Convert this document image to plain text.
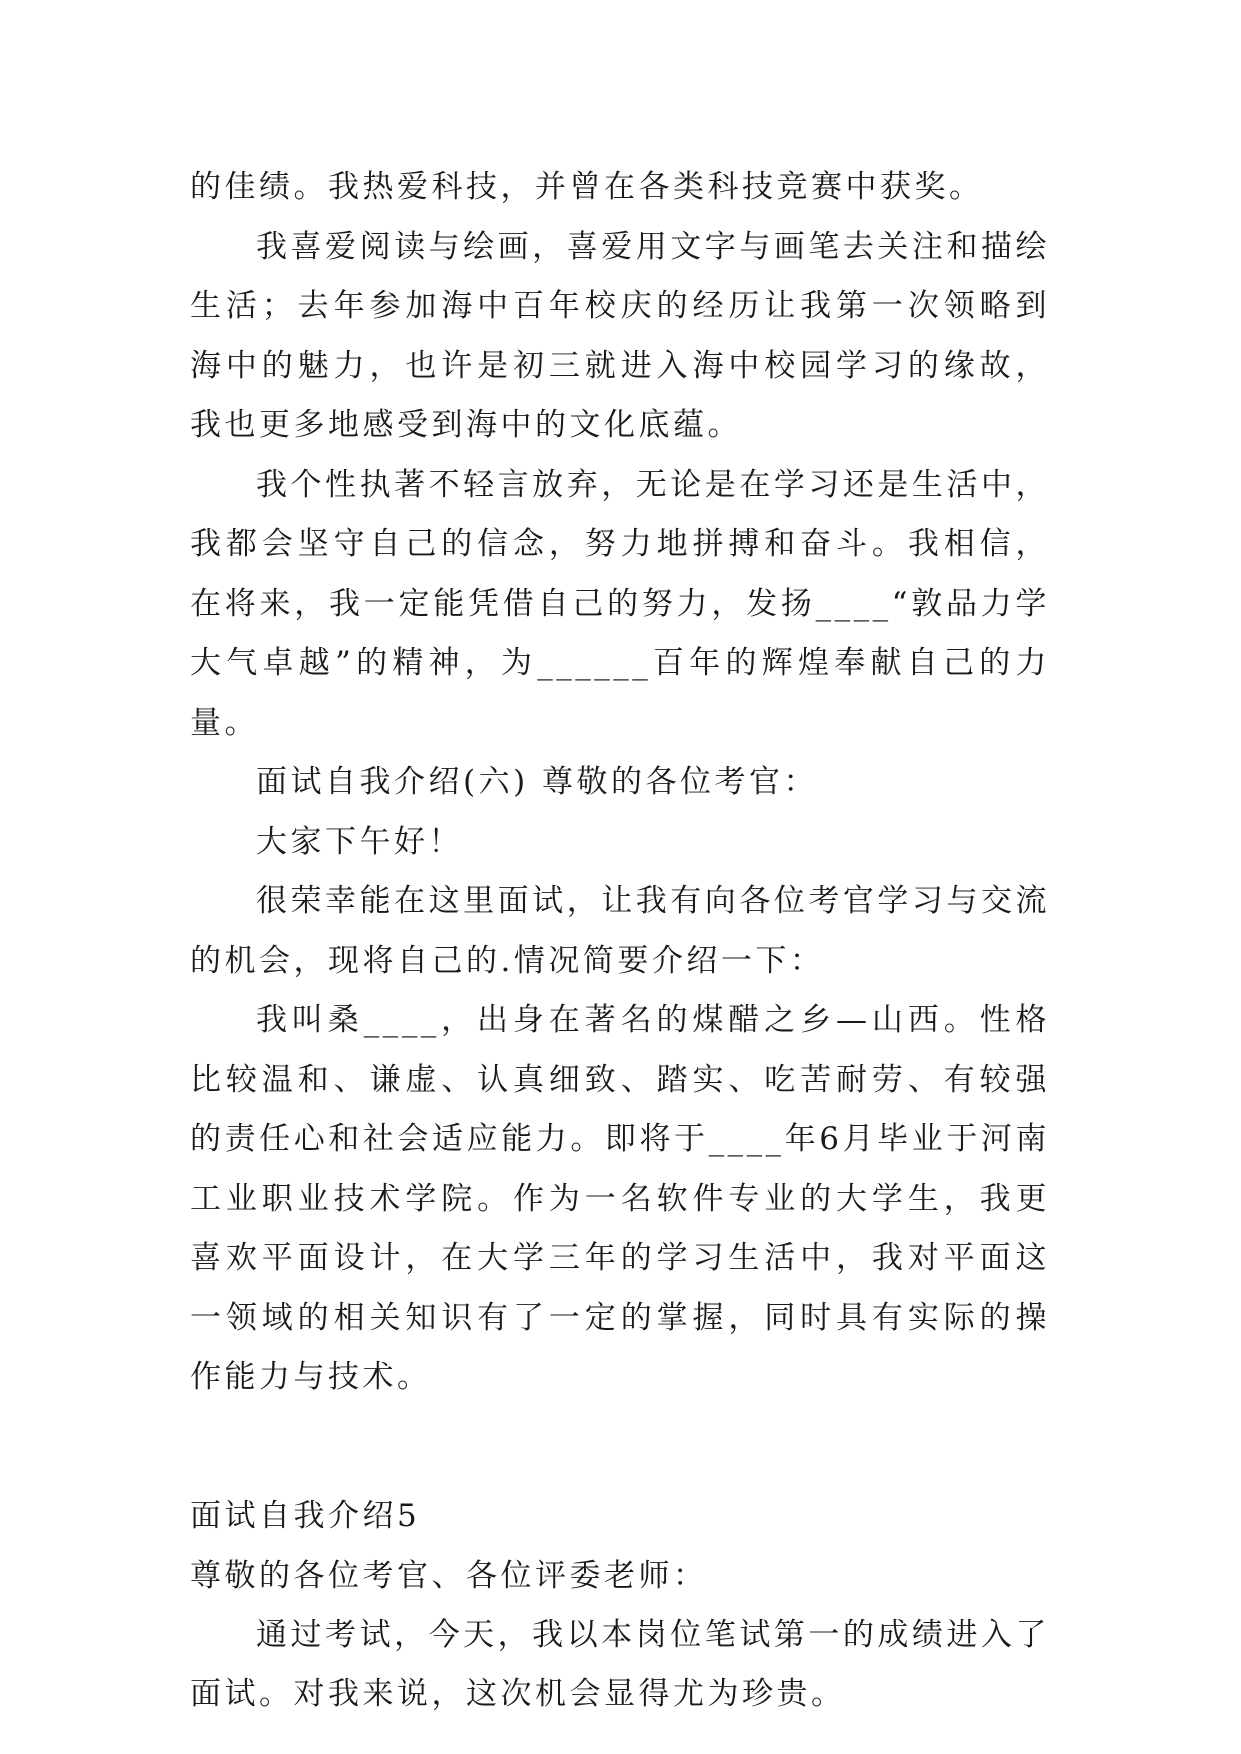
的佳绩。我热爱科技，并曾在各类科技竞赛中获奖。

我喜爱阅读与绘画，喜爱用文字与画笔去关注和描绘生活；去年参加海中百年校庆的经历让我第一次领略到海中的魅力，也许是初三就进入海中校园学习的缘故，我也更多地感受到海中的文化底蕴。

我个性执著不轻言放弃，无论是在学习还是生活中，我都会坚守自己的信念，努力地拼搏和奋斗。我相信，在将来，我一定能凭借自己的努力，发扬____“敦品力学大气卓越”的精神，为______百年的辉煌奉献自己的力量。

面试自我介绍(六) 尊敬的各位考官：

大家下午好！

很荣幸能在这里面试，让我有向各位考官学习与交流的机会，现将自己的.情况简要介绍一下：

我叫桑____，出身在著名的煤醋之乡—山西。性格比较温和、谦虚、认真细致、踏实、吃苦耐劳、有较强的责任心和社会适应能力。即将于____年6月毕业于河南工业职业技术学院。作为一名软件专业的大学生，我更喜欢平面设计，在大学三年的学习生活中，我对平面这一领域的相关知识有了一定的掌握，同时具有实际的操作能力与技术。

面试自我介绍5

尊敬的各位考官、各位评委老师：

通过考试，今天，我以本岗位笔试第一的成绩进入了面试。对我来说，这次机会显得尤为珍贵。
